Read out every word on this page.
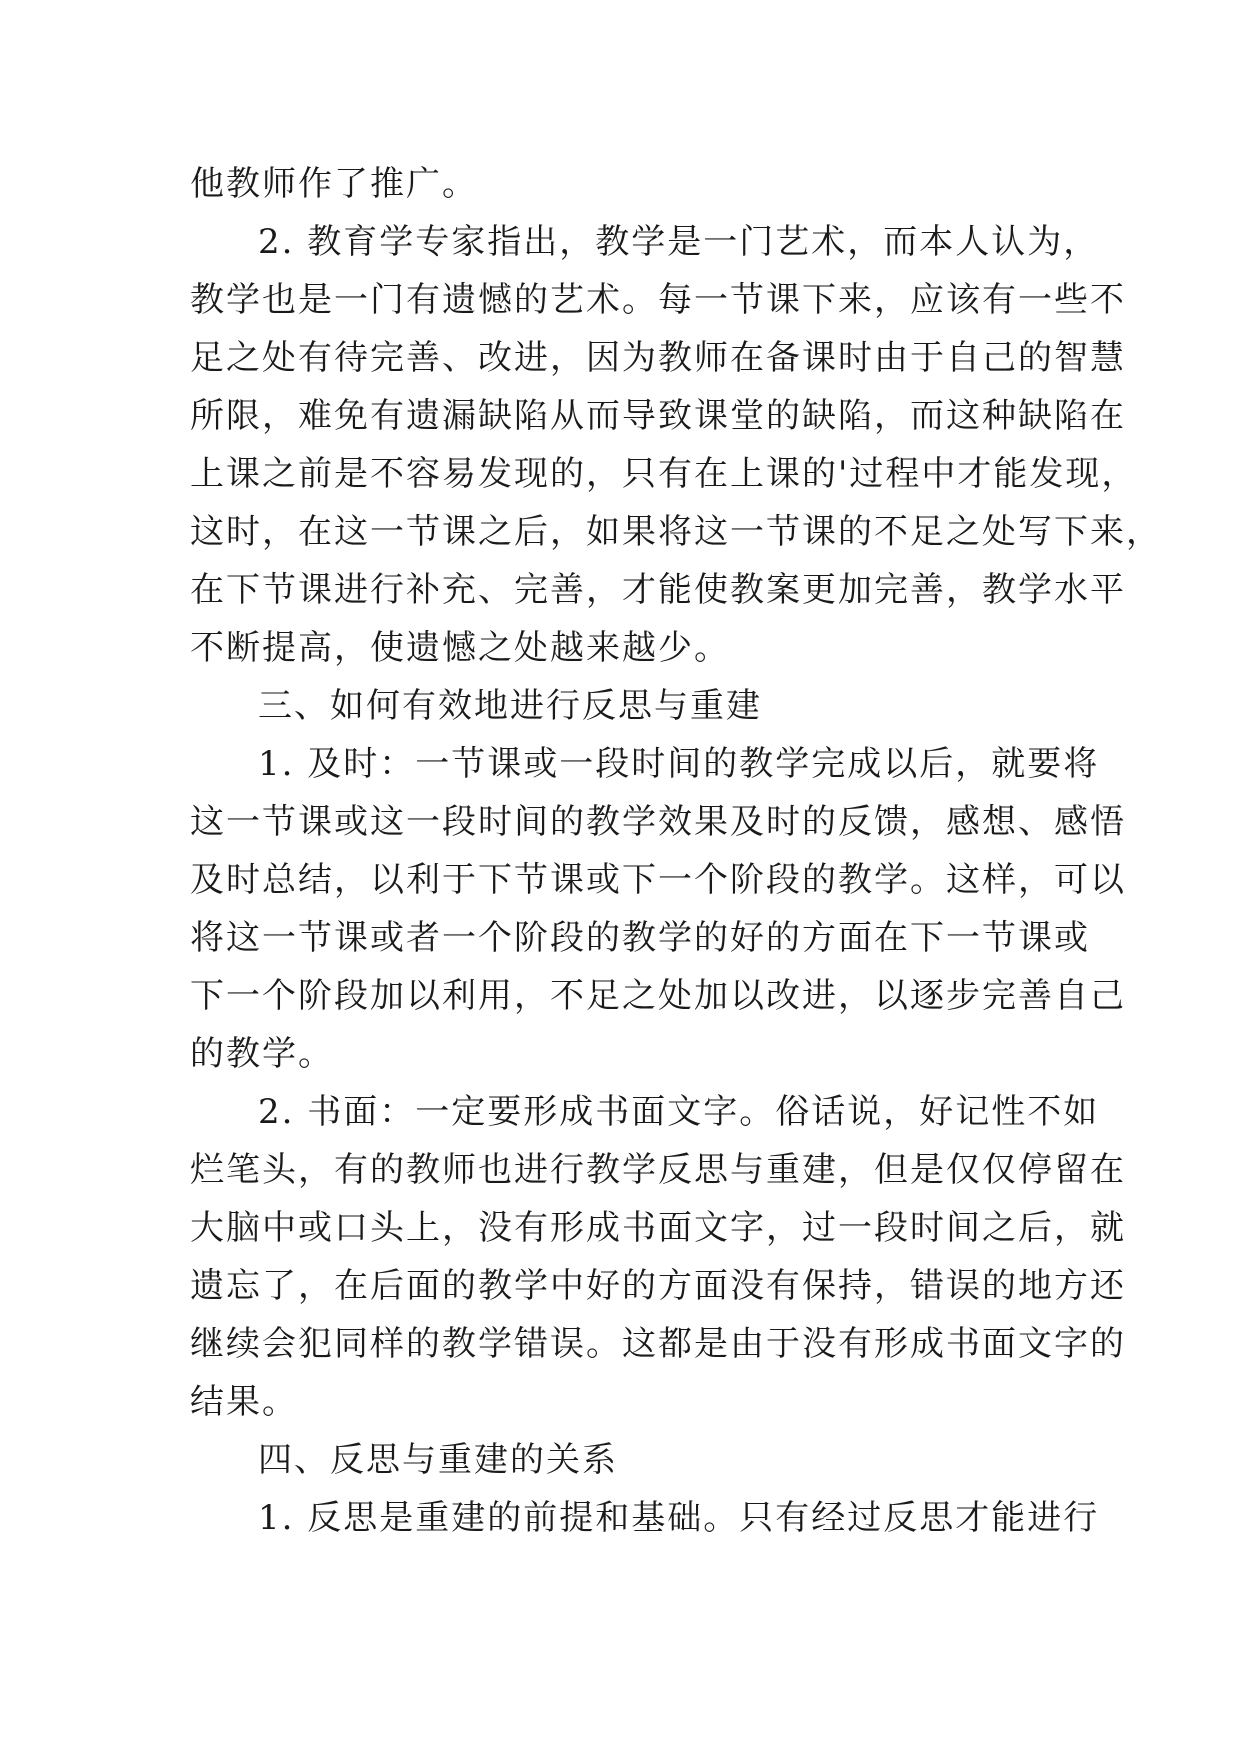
他教师作了推广。
2. 教育学专家指出，教学是一门艺术，而本人认为，
教学也是一门有遗憾的艺术。每一节课下来，应该有一些不
足之处有待完善、改进，因为教师在备课时由于自己的智慧
所限，难免有遗漏缺陷从而导致课堂的缺陷，而这种缺陷在
上课之前是不容易发现的，只有在上课的'过程中才能发现，
这时，在这一节课之后，如果将这一节课的不足之处写下来，
在下节课进行补充、完善，才能使教案更加完善，教学水平
不断提高，使遗憾之处越来越少。
三、如何有效地进行反思与重建
1. 及时：一节课或一段时间的教学完成以后，就要将
这一节课或这一段时间的教学效果及时的反馈，感想、感悟
及时总结，以利于下节课或下一个阶段的教学。这样，可以
将这一节课或者一个阶段的教学的好的方面在下一节课或
下一个阶段加以利用，不足之处加以改进，以逐步完善自己
的教学。
2. 书面：一定要形成书面文字。俗话说，好记性不如
烂笔头，有的教师也进行教学反思与重建，但是仅仅停留在
大脑中或口头上，没有形成书面文字，过一段时间之后，就
遗忘了，在后面的教学中好的方面没有保持，错误的地方还
继续会犯同样的教学错误。这都是由于没有形成书面文字的
结果。
四、反思与重建的关系
1. 反思是重建的前提和基础。只有经过反思才能进行
